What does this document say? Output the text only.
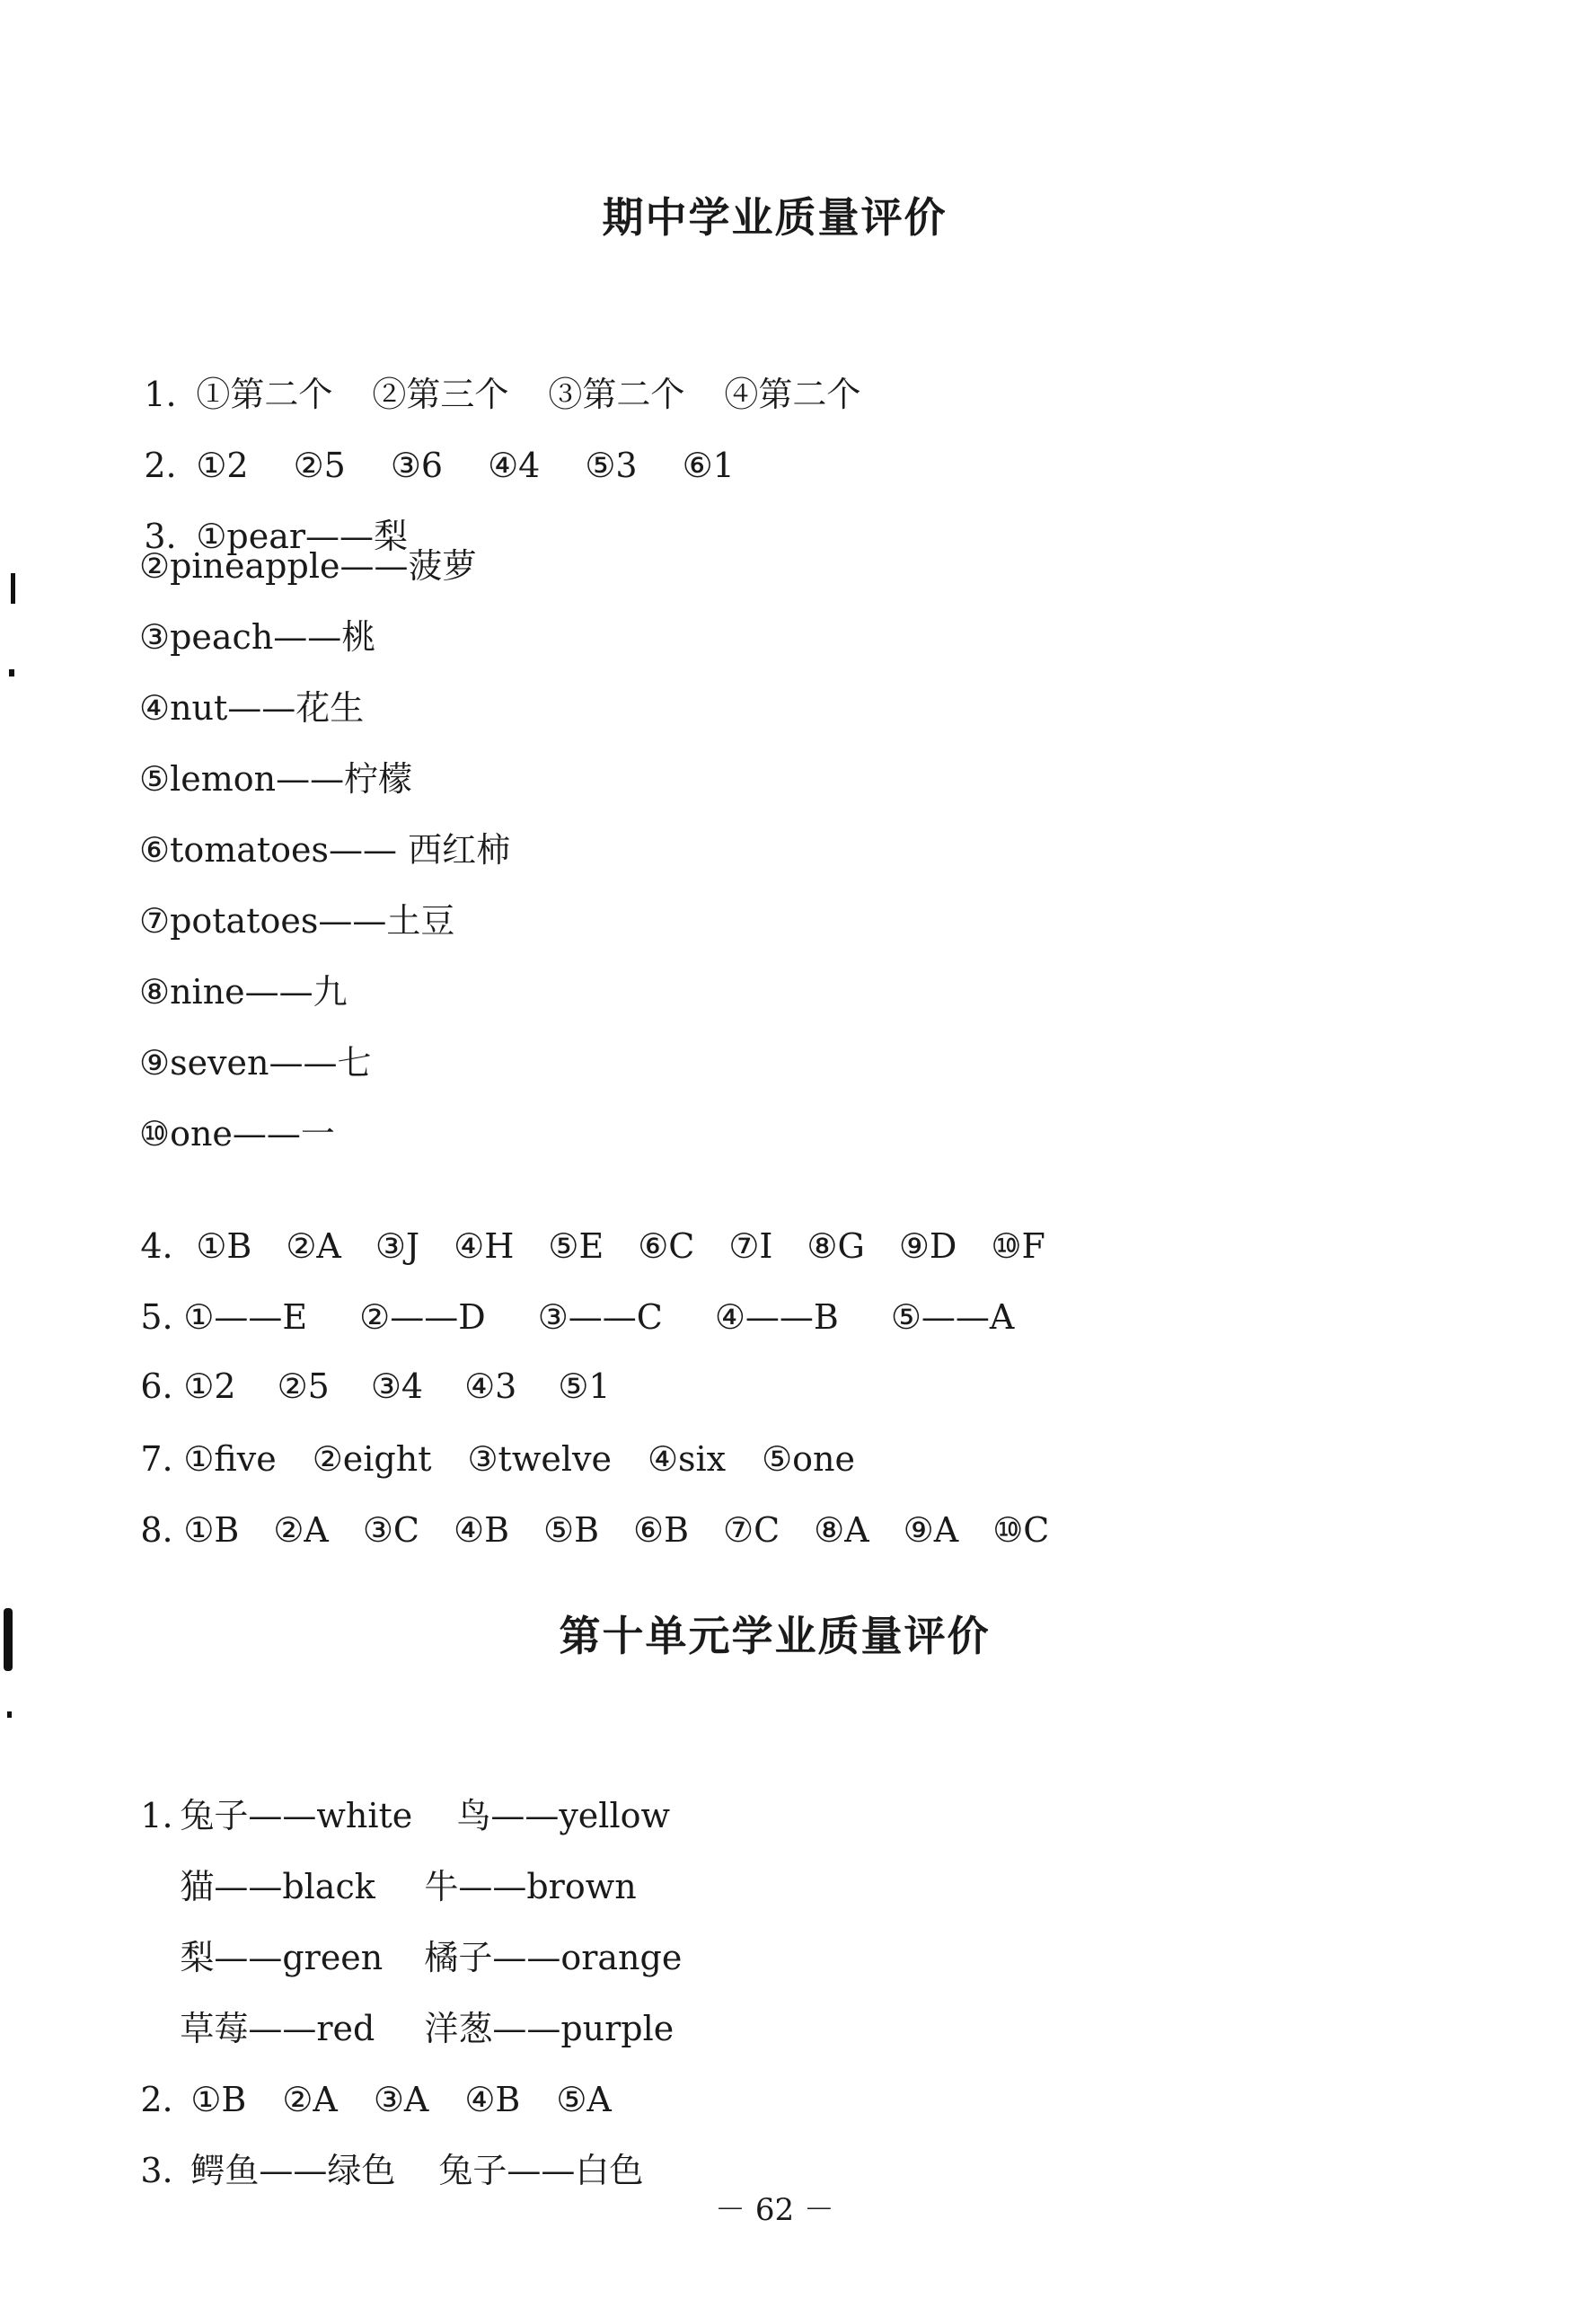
期中学业质量评价

1. ①第二个 ②第三个 ③第二个 ④第二个

2. ①2 ②5 ③6 ④4 ⑤3 ⑥1

3. ①pear——梨

②pineapple——菠萝
③peach——桃
④nut——花生
⑤lemon——柠檬
⑥tomatoes—— 西红柿
⑦potatoes——土豆
⑧nine——九
⑨seven——七
⑩one——一

4. ①B ②A ③J ④H ⑤E ⑥C ⑦I ⑧G ⑨D ⑩F

5. ①——E ②——D ③——C ④——B ⑤——A

6. ①2 ②5 ③4 ④3 ⑤1

7. ①five ②eight ③twelve ④six ⑤one

8. ①B ②A ③C ④B ⑤B ⑥B ⑦C ⑧A ⑨A ⑩C

第十单元学业质量评价

1. 兔子——white 鸟——yellow

猫——black 牛——brown

梨——green 橘子——orange

草莓——red 洋葱——purple

2. ①B ②A ③A ④B ⑤A

3. 鳄鱼——绿色 兔子——白色

－ 62 －
